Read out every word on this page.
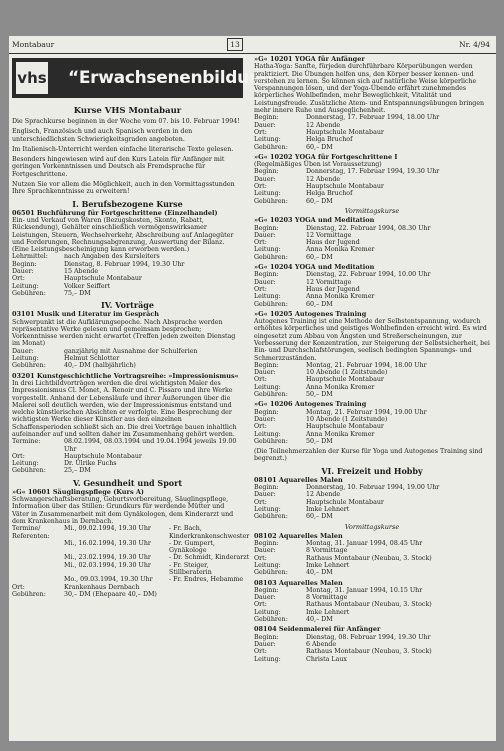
Montabaur	13	Nr. 4/94
vhs “Erwachsenenbildung”
Kurse VHS Montabaur

Die Sprachkurse beginnen in der Woche vom 07. bis 10. Februar 1994!

Englisch, Französisch und auch Spanisch werden in den unterschiedlichsten Schwierigkeitsgraden angeboten.

Im Italienisch-Unterricht werden einfache literarische Texte gelesen.

Besonders hingewiesen wird auf den Kurs Latein für Anfänger mit geringen Vorkenntnissen und Deutsch als Fremdsprache für Fortgeschrittene.

Nutzen Sie vor allem die Möglichkeit, auch in den Vormittagsstunden Ihre Sprachkenntnisse zu erweitern!

I. Berufsbezogene Kurse
06501 Buchführung für Fortgeschrittene (Einzelhandel)
Ein- und Verkauf von Waren (Bezugskosten, Skonto, Rabatt, Rücksendung), Gehälter einschließlich vermögenswirksamer Leistungen, Steuern, Wechselverkehr, Abschreibung auf Anlagegüter und Forderungen, Rechnungsabgrenzung, Auswertung der Bilanz.
(Eine Leistungsbescheinigung kann erworben werden.)
Lehrmittel:	nach Angaben des Kursleiters
Beginn:	Dienstag, 8. Februar 1994, 19.30 Uhr
Dauer:	15 Abende
Ort:	Hauptschule Montabaur
Leitung:	Volker Seiffert
Gebühren:	75,– DM
IV. Vorträge
03101 Musik und Literatur im Gespräch
Schwerpunkt ist die Aufklärungsepoche. Nach Absprache werden repräsentative Werke gelesen und gemeinsam besprochen; Vorkenntnisse werden nicht erwartet (Treffen jeden zweiten Dienstag im Monat)
Dauer:	ganzjährig mit Ausnahme der Schulferien
Leitung:	Helmut Schlotter
Gebühren:	40,– DM (halbjährlich)
03201 Kunstgeschichtliche Vortragsreihe: »Impressionismus«
In drei Lichtbildvorträgen werden die drei wichtigsten Maler des Impressionismus Cl. Monet, A. Renoir und C. Pissaro und ihre Werke vorgestellt. Anhand der Lebensläufe und ihrer Äußerungen über die Malerei soll deutlich werden, wie der Impressionismus entstand und welche künstlerischen Absichten er verfolgte. Eine Besprechung der wichtigsten Werke dieser Künstler aus den einzelnen Schaffensperioden schließt sich an. Die drei Vorträge bauen inhaltlich aufeinander auf und sollten daher im Zusammenhang gehört werden.
Termine:	08.02.1994, 08.03.1994 und 19.04.1994 jeweils 19.00 Uhr
Ort:	Hauptschule Montabaur
Leitung:	Dr. Ulrike Fuchs
Gebühren:	25,– DM
V. Gesundheit und Sport
»G« 10601 Säuglingspflege (Kurs A)
Schwangerschaftsberatung, Geburtsvorbereitung, Säuglingspflege, Information über das Stillen: Grundkurs für werdende Mütter und Väter in Zusammenarbeit mit dem Gynäkologen, dem Kinderarzt und dem Krankenhaus in Dernbach.
Termine/ Referenten:
Mi., 09.02.1994, 19.30 Uhr	- Fr. Bach, Kinderkrankenschwester
Mi., 16.02.1994, 19.30 Uhr	- Dr. Gumpert, Gynäkologe
Mi., 23.02.1994, 19.30 Uhr	- Dr. Schmidt, Kinderarzt
Mi., 02.03.1994, 19.30 Uhr	- Fr. Steiger, Stillberaterin
Mo., 09.03.1994, 19.30 Uhr	- Fr. Endres, Hebamme
Ort:	Krankenhaus Dernbach
Gebühren:	30,– DM (Ehepaare 40,– DM)
»G« 10201 YOGA für Anfänger
Hatha-Yoga: Sanfte, fürjeden durchführbare Körperübungen werden praktiziert. Die Übungen helfen uns, den Körper besser kennen- und verstehen zu lernen. So können sich auf natürliche Weise körperliche Verspannungen lösen, und der Yoga-Übende erfährt zunehmendes körperliches Wohlbefinden, mehr Beweglichkeit, Vitalität und Leistungsfreude. Zusätzliche Atem- und Entspannungsübungen bringen mehr innere Ruhe und Ausgeglichenheit.
Beginn:	Donnerstag, 17. Februar 1994, 18.00 Uhr
Dauer:	12 Abende
Ort:	Hauptschule Montabaur
Leitung:	Helga Bruchof
Gebühren:	60,– DM
»G« 10202 YOGA für Fortgeschrittene I
(Regelmäßiges Üben ist Voraussetzung)
Beginn:	Donnerstag, 17. Februar 1994, 19.30 Uhr
Dauer:	12 Abende
Ort:	Hauptschule Montabaur
Leitung:	Helga Bruchof
Gebühren:	60,– DM
Vormittagskurse
»G« 10203 YOGA und Meditation
Beginn:	Dienstag, 22. Februar 1994, 08.30 Uhr
Dauer:	12 Vormittage
Ort:	Haus der Jugend
Leitung:	Anna Monika Kremer
Gebühren:	60,– DM
»G« 10204 YOGA und Meditation
Beginn:	Dienstag, 22. Februar 1994, 10.00 Uhr
Dauer:	12 Vormittage
Ort:	Haus der Jugend
Leitung:	Anna Monika Kremer
Gebühren:	60,– DM
»G« 10205 Autogenes Training
Autogenes Training ist eine Methode der Selbstentspannung, wodurch erhöhtes körperliches und geistiges Wohlbefinden erreicht wird. Es wird eingesetzt zum Abbau von Ängsten und Streßerscheinungen, zur Verbesserung der Konzentration, zur Steigerung der Selbstsicherheit, bei Ein- und Durchschlafstörungen, seelisch bedingten Spannungs- und Schmerzzuständen.
Beginn:	Montag, 21. Februar 1994, 18.00 Uhr
Dauer:	10 Abende (1 Zeitstunde)
Ort:	Hauptschule Montabaur
Leitung:	Anna Monika Kremer
Gebühren:	50,– DM
»G« 10206 Autogenes Training
Beginn:	Montag, 21. Februar 1994, 19.00 Uhr
Dauer:	10 Abende (1 Zeitstunde)
Ort:	Hauptschule Montabaur
Leitung:	Anna Monika Kremer
Gebühren:	50,– DM
(Die Teilnehmerzahlen der Kurse für Yoga und Autogenes Training sind begrenzt.)
VI. Freizeit und Hobby
08101 Aquarelles Malen
Beginn:	Donnerstag, 10. Februar 1994, 19.00 Uhr
Dauer:	12 Abende
Ort:	Hauptschule Montabaur
Leitung:	Imke Lehnert
Gebühren:	60,– DM
Vormittagskurse
08102 Aquarelles Malen
Beginn:	Montag, 31. Januar 1994, 08.45 Uhr
Dauer:	8 Vormittage
Ort:	Rathaus Montabaur (Neubau, 3. Stock)
Leitung:	Imke Lehnert
Gebühren:	40,– DM
08103 Aquarelles Malen
Beginn:	Montag, 31. Januar 1994, 10.15 Uhr
Dauer:	8 Vormittage
Ort:	Rathaus Montabaur (Neubau, 3. Stock)
Leitung:	Imke Lehnert
Gebühren:	40,– DM
08104 Seidenmalerei für Anfänger
Beginn:	Dienstag, 08. Februar 1994, 19.30 Uhr
Dauer:	6 Abende
Ort:	Rathaus Montabaur (Neubau, 3. Stock)
Leitung:	Christa Laux
